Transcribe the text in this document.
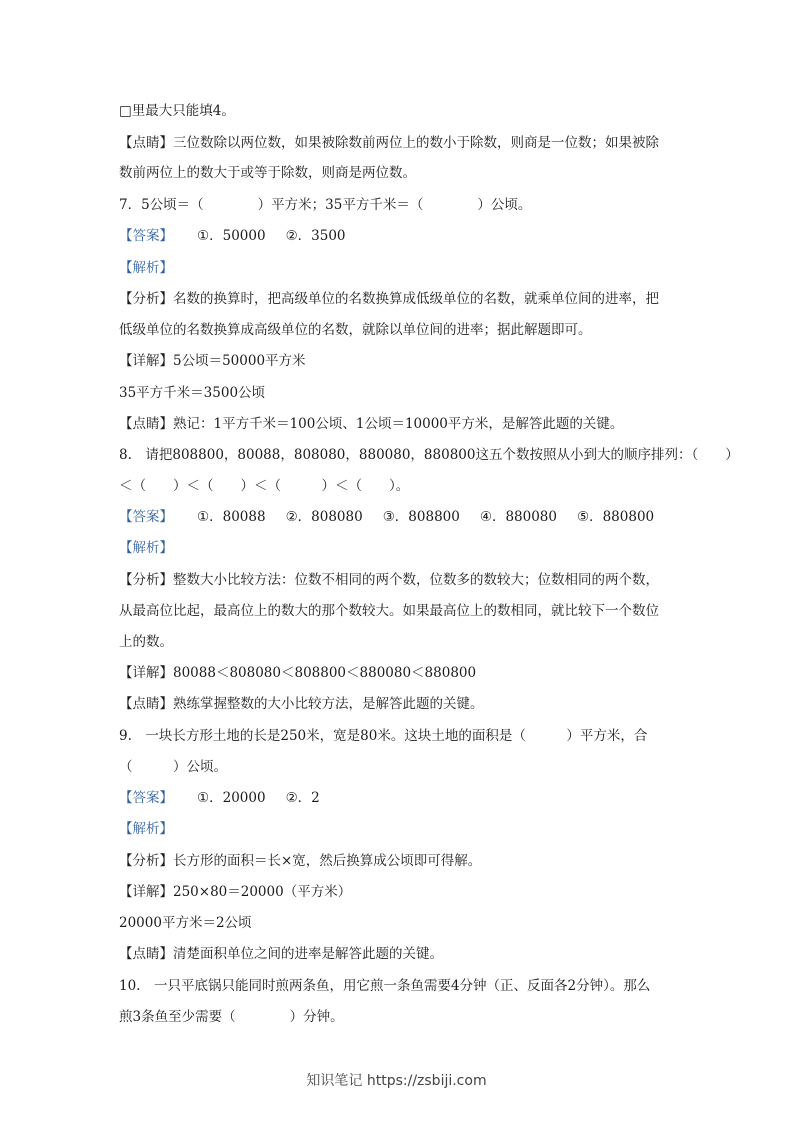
□里最大只能填4。
【点睛】三位数除以两位数，如果被除数前两位上的数小于除数，则商是一位数；如果被除
数前两位上的数大于或等于除数，则商是两位数。
7．5公顷＝（　　　　）平方米；35平方千米＝（　　　　）公顷。
【答案】 ①．50000 ②．3500
【解析】
【分析】名数的换算时，把高级单位的名数换算成低级单位的名数，就乘单位间的进率，把
低级单位的名数换算成高级单位的名数，就除以单位间的进率；据此解题即可。
【详解】5公顷＝50000平方米
35平方千米＝3500公顷
【点睛】熟记：1平方千米＝100公顷、1公顷＝10000平方米，是解答此题的关键。
8.　请把808800，80088，808080，880080，880800这五个数按照从小到大的顺序排列：（　　）
＜（　　）＜（　　）＜（　　　）＜（　　）。
【答案】 ①．80088 ②．808080 ③．808800 ④．880080 ⑤．880800
【解析】
【分析】整数大小比较方法：位数不相同的两个数，位数多的数较大；位数相同的两个数，
从最高位比起，最高位上的数大的那个数较大。如果最高位上的数相同，就比较下一个数位
上的数。
【详解】80088＜808080＜808800＜880080＜880800
【点睛】熟练掌握整数的大小比较方法，是解答此题的关键。
9.　一块长方形土地的长是250米，宽是80米。这块土地的面积是（　　　）平方米，合
（　　　）公顷。
【答案】 ①．20000 ②．2
【解析】
【分析】长方形的面积＝长×宽，然后换算成公顷即可得解。
【详解】250×80＝20000（平方米）
20000平方米＝2公顷
【点睛】清楚面积单位之间的进率是解答此题的关键。
10.　一只平底锅只能同时煎两条鱼，用它煎一条鱼需要4分钟（正、反面各2分钟）。那么
煎3条鱼至少需要（　　　　）分钟。
知识笔记 https://zsbiji.com
